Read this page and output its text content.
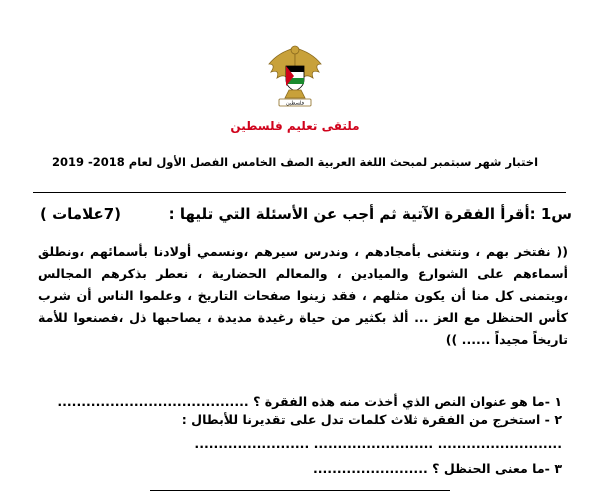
فلسطين
ملتقى تعليم فلسطين
اختبار شهر سبتمبر لمبحث اللغة العربية الصف الخامس الفصل الأول لعام 2018- 2019
س1 :أقرأ الفقرة الآتية ثم أجب عن الأسئلة التي تليها :
(7علامات )
(( نفتخر بهم ، ونتغنى بأمجادهم ، وندرس سيرهم ،ونسمي أولادنا بأسمائهم ،ونطلق أسماءهم على الشوارع والميادين ، والمعالم الحضارية ، نعطر بذكرهم المجالس ،ويتمنى كل منا أن يكون مثلهم ، فقد زينوا صفحات التاريخ ، وعلموا الناس أن شرب كأس الحنظل مع العز ... ألذ بكثير من حياة رغيدة مديدة ، يصاحبها ذل ،فصنعوا للأمة تاريخاً مجيداً ...... ))
١ -ما هو عنوان النص الذي أخذت منه هذه الفقرة ؟ ........................................
٢ - استخرج من الفقرة ثلاث كلمات تدل على تقديرنا للأبطال :
.......................... ......................... ........................
٣ -ما معنى الحنظل ؟ ........................
